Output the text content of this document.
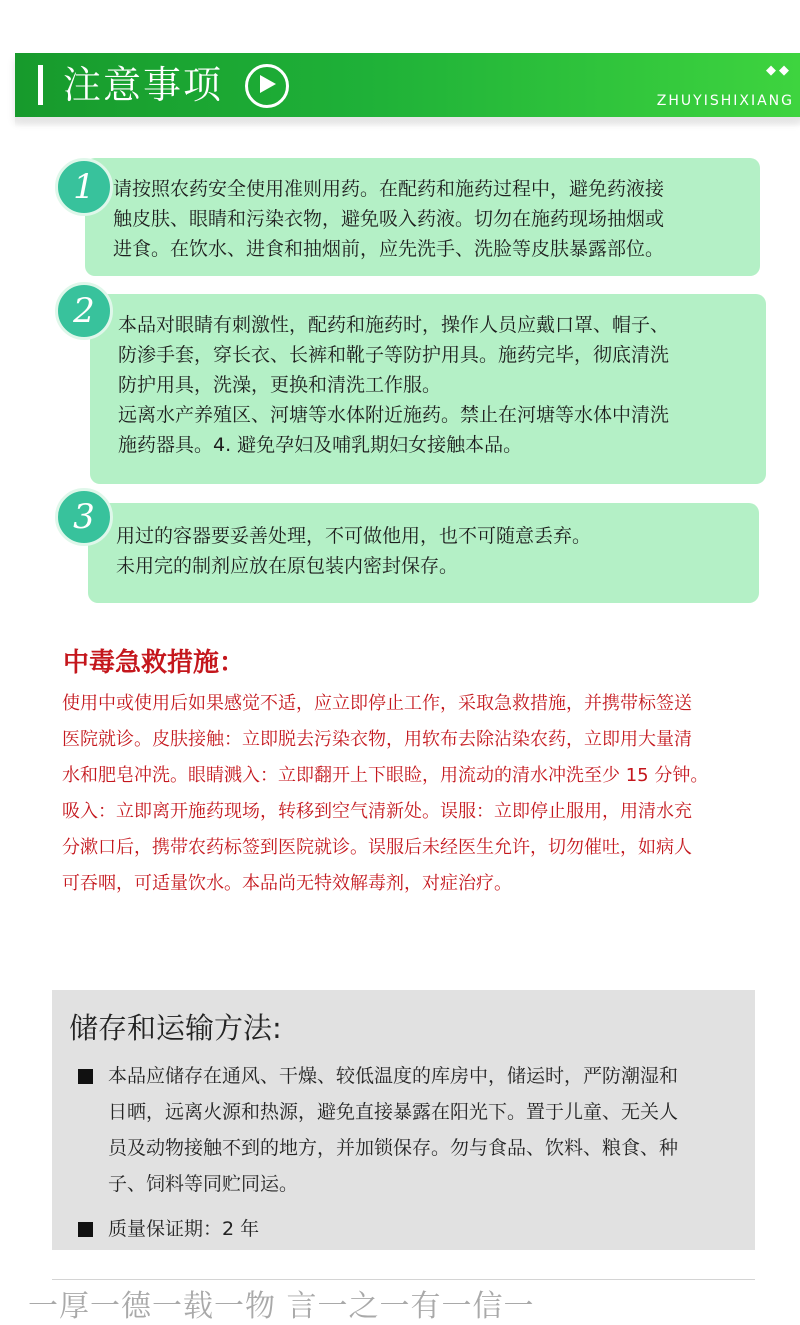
注意事项	◆◆
ZHUYISHIXIANG

请按照农药安全使用准则用药。在配药和施药过程中，避免药液接

触皮肤、眼睛和污染衣物，避免吸入药液。切勿在施药现场抽烟或

进食。在饮水、进食和抽烟前，应先洗手、洗脸等皮肤暴露部位。

1

本品对眼睛有刺激性，配药和施药时，操作人员应戴口罩、帽子、

防渗手套，穿长衣、长裤和靴子等防护用具。施药完毕，彻底清洗

防护用具，洗澡，更换和清洗工作服。

远离水产养殖区、河塘等水体附近施药。禁止在河塘等水体中清洗

施药器具。4. 避免孕妇及哺乳期妇女接触本品。

2

用过的容器要妥善处理，不可做他用，也不可随意丢弃。

未用完的制剂应放在原包装内密封保存。

3
中毒急救措施：
使用中或使用后如果感觉不适，应立即停止工作，采取急救措施，并携带标签送
医院就诊。皮肤接触：立即脱去污染衣物，用软布去除沾染农药，立即用大量清
水和肥皂冲洗。眼睛溅入：立即翻开上下眼睑，用流动的清水冲洗至少 15 分钟。
吸入：立即离开施药现场，转移到空气清新处。误服：立即停止服用，用清水充
分漱口后，携带农药标签到医院就诊。误服后未经医生允许，切勿催吐，如病人
可吞咽，可适量饮水。本品尚无特效解毒剂，对症治疗。
储存和运输方法:
本品应储存在通风、干燥、较低温度的库房中，储运时，严防潮湿和
日晒，远离火源和热源，避免直接暴露在阳光下。置于儿童、无关人
员及动物接触不到的地方，并加锁保存。勿与食品、饮料、粮食、种
子、饲料等同贮同运。
质量保证期：2 年
一厚一德一载一物 言一之一有一信一
